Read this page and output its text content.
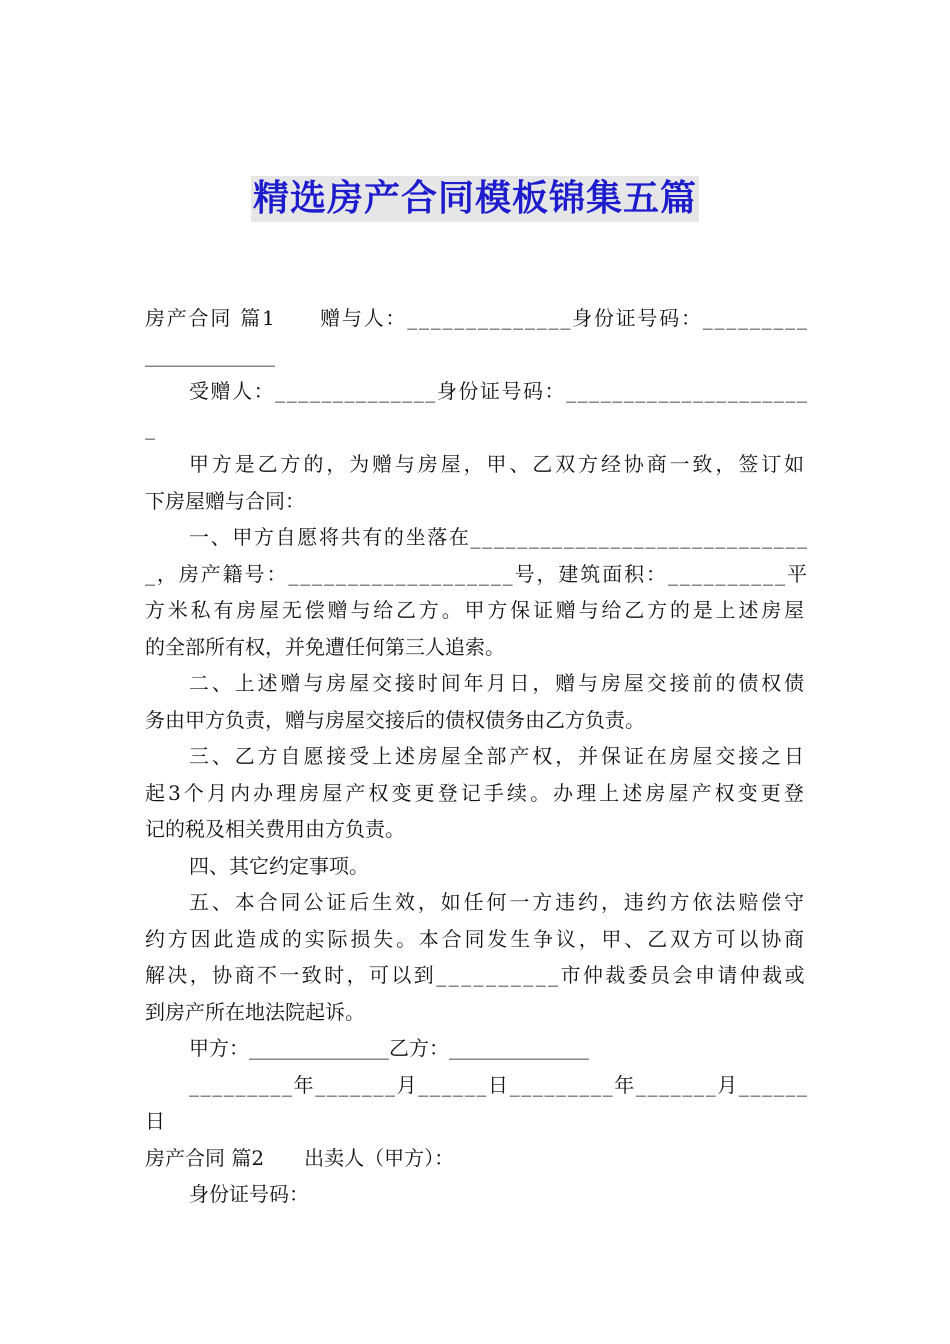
精选房产合同模板锦集五篇
房产合同 篇1　　赠与人：______________身份证号码：_________
_____________
受赠人：______________身份证号码：_____________________
_
甲方是乙方的，为赠与房屋，甲、乙双方经协商一致，签订如
下房屋赠与合同：
一、甲方自愿将共有的坐落在_____________________________
_，房产籍号：___________________号，建筑面积：__________平
方米私有房屋无偿赠与给乙方。甲方保证赠与给乙方的是上述房屋
的全部所有权，并免遭任何第三人追索。
二、上述赠与房屋交接时间年月日，赠与房屋交接前的债权债
务由甲方负责，赠与房屋交接后的债权债务由乙方负责。
三、乙方自愿接受上述房屋全部产权，并保证在房屋交接之日
起3个月内办理房屋产权变更登记手续。办理上述房屋产权变更登
记的税及相关费用由方负责。
四、其它约定事项。
五、本合同公证后生效，如任何一方违约，违约方依法赔偿守
约方因此造成的实际损失。本合同发生争议，甲、乙双方可以协商
解决，协商不一致时，可以到__________市仲裁委员会申请仲裁或
到房产所在地法院起诉。
甲方：______________乙方：______________
_________年_______月______日_________年_______月______
日
房产合同 篇2　　出卖人（甲方）：
身份证号码：
